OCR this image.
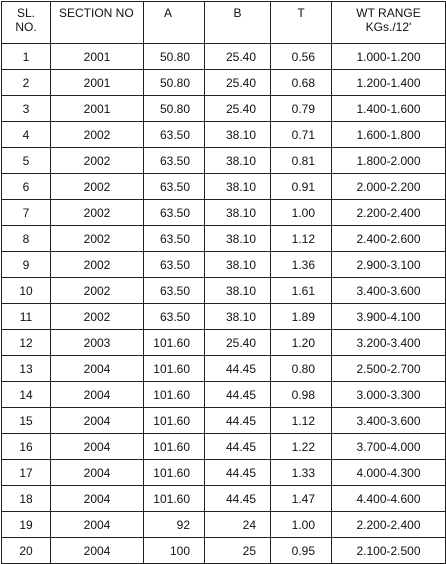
SL.
NO.	SECTION NO	A	B	T	WT RANGE
KGs./12'

1	2001	50.80	25.40	0.56	1.000-1.200
2	2001	50.80	25.40	0.68	1.200-1.400
3	2001	50.80	25.40	0.79	1.400-1.600
4	2002	63.50	38.10	0.71	1.600-1.800
5	2002	63.50	38.10	0.81	1.800-2.000
6	2002	63.50	38.10	0.91	2.000-2.200
7	2002	63.50	38.10	1.00	2.200-2.400
8	2002	63.50	38.10	1.12	2.400-2.600
9	2002	63.50	38.10	1.36	2.900-3.100
10	2002	63.50	38.10	1.61	3.400-3.600
11	2002	63.50	38.10	1.89	3.900-4.100
12	2003	101.60	25.40	1.20	3.200-3.400
13	2004	101.60	44.45	0.80	2.500-2.700
14	2004	101.60	44.45	0.98	3.000-3.300
15	2004	101.60	44.45	1.12	3.400-3.600
16	2004	101.60	44.45	1.22	3.700-4.000
17	2004	101.60	44.45	1.33	4.000-4.300
18	2004	101.60	44.45	1.47	4.400-4.600
19	2004	92	24	1.00	2.200-2.400
20	2004	100	25	0.95	2.100-2.500
